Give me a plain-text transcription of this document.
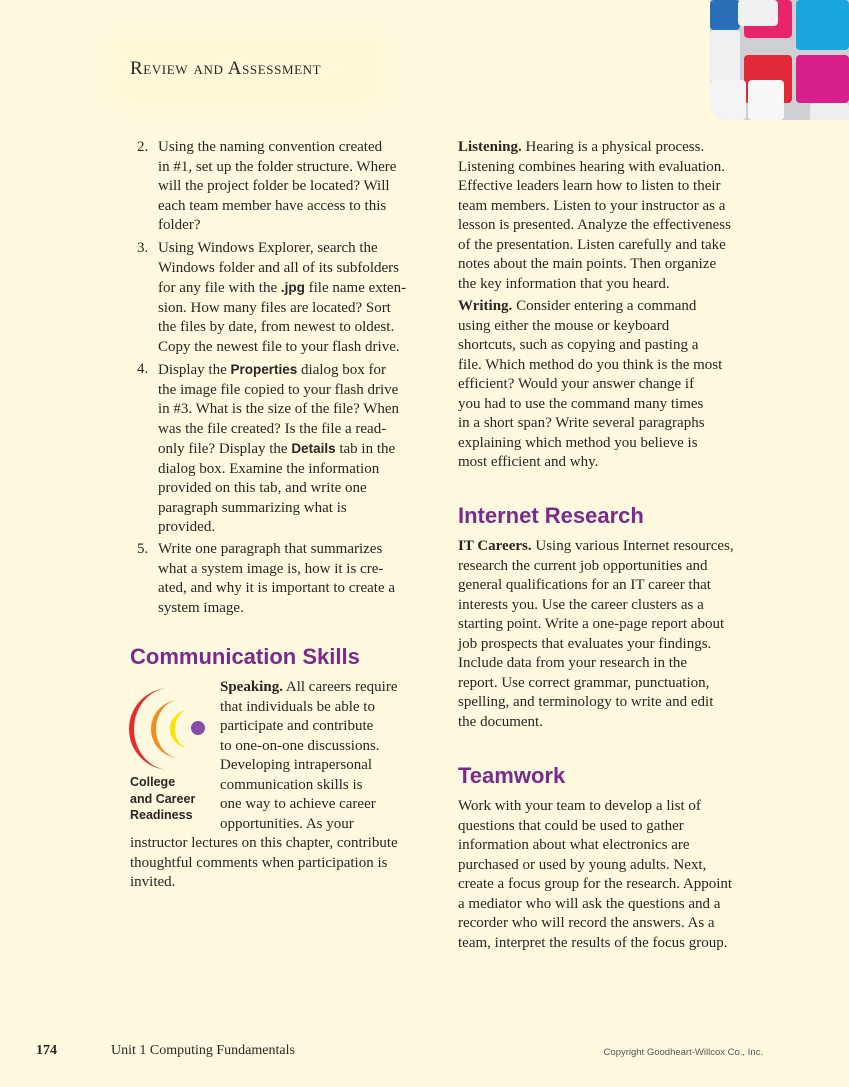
Review and Assessment
2. Using the naming convention created
in #1, set up the folder structure. Where
will the project folder be located? Will
each team member have access to this
folder?
3. Using Windows Explorer, search the
Windows folder and all of its subfolders
for any file with the .jpg file name exten-
sion. How many files are located? Sort
the files by date, from newest to oldest.
Copy the newest file to your flash drive.
4. Display the Properties dialog box for
the image file copied to your flash drive
in #3. What is the size of the file? When
was the file created? Is the file a read-
only file? Display the Details tab in the
dialog box. Examine the information
provided on this tab, and write one
paragraph summarizing what is
provided.
5. Write one paragraph that summarizes
what a system image is, how it is cre-
ated, and why it is important to create a
system image.
Communication Skills
College
and Career
Readiness
Speaking. All careers require
that individuals be able to
participate and contribute
to one-on-one discussions.
Developing intrapersonal
communication skills is
one way to achieve career
opportunities. As your
instructor lectures on this chapter, contribute
thoughtful comments when participation is
invited.
Listening. Hearing is a physical process.
Listening combines hearing with evaluation.
Effective leaders learn how to listen to their
team members. Listen to your instructor as a
lesson is presented. Analyze the effectiveness
of the presentation. Listen carefully and take
notes about the main points. Then organize
the key information that you heard.
Writing. Consider entering a command
using either the mouse or keyboard
shortcuts, such as copying and pasting a
file. Which method do you think is the most
efficient? Would your answer change if
you had to use the command many times
in a short span? Write several paragraphs
explaining which method you believe is
most efficient and why.
Internet Research
IT Careers. Using various Internet resources,
research the current job opportunities and
general qualifications for an IT career that
interests you. Use the career clusters as a
starting point. Write a one-page report about
job prospects that evaluates your findings.
Include data from your research in the
report. Use correct grammar, punctuation,
spelling, and terminology to write and edit
the document.
Teamwork
Work with your team to develop a list of
questions that could be used to gather
information about what electronics are
purchased or used by young adults. Next,
create a focus group for the research. Appoint
a mediator who will ask the questions and a
recorder who will record the answers. As a
team, interpret the results of the focus group.
174	Unit 1 Computing Fundamentals	Copyright Goodheart-Willcox Co., Inc.
